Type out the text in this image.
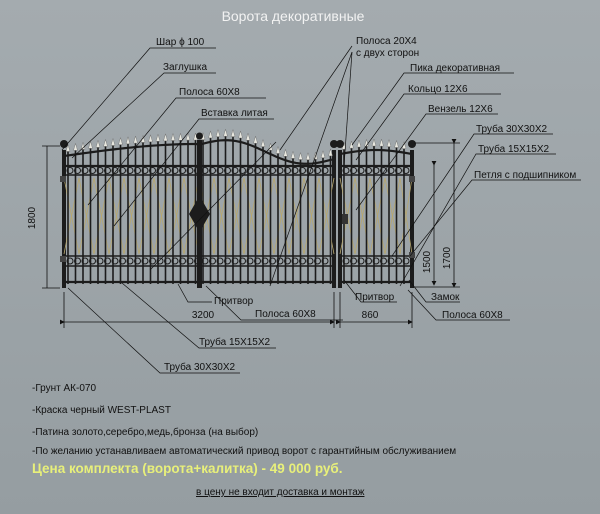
Ворота декоративные
1800
3200	860
1500 1700
Шар ϕ 100
Заглушка
Полоса 60Х8
Вставка литая
Полоса 20Х4
с двух сторон
Пика декоративная
Кольцо 12Х6
Вензель 12Х6
Труба 30Х30Х2
Труба 15Х15Х2
Петля с подшипником
Притвор
Полоса 60Х8
Притвор	Замок
Полоса 60Х8
Труба 15Х15Х2
Труба 30Х30Х2
-Грунт АК-070
-Краска черный WEST-PLAST
-Патина золото,серебро,медь,бронза (на выбор)
-По желанию устанавливаем автоматический привод ворот с гарантийным обслуживанием
Цена комплекта (ворота+калитка) - 49 000 руб.
в цену не входит доставка и монтаж
